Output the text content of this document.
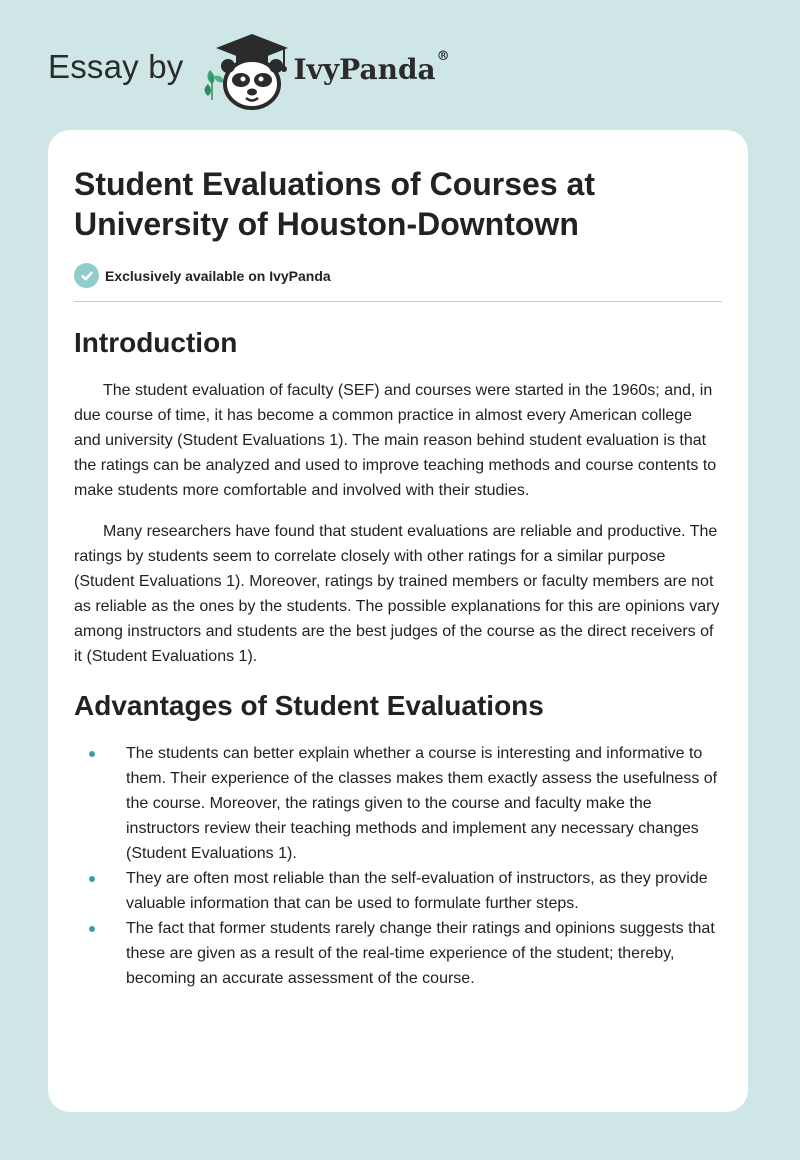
Essay by	IvyPanda®
Student Evaluations of Courses at University of Houston-Downtown
Exclusively available on IvyPanda
Introduction

The student evaluation of faculty (SEF) and courses were started in the 1960s; and, in due course of time, it has become a common practice in almost every American college and university (Student Evaluations 1). The main reason behind student evaluation is that the ratings can be analyzed and used to improve teaching methods and course contents to make students more comfortable and involved with their studies.

Many researchers have found that student evaluations are reliable and productive. The ratings by students seem to correlate closely with other ratings for a similar purpose (Student Evaluations 1). Moreover, ratings by trained members or faculty members are not as reliable as the ones by the students. The possible explanations for this are opinions vary among instructors and students are the best judges of the course as the direct receivers of it (Student Evaluations 1).

Advantages of Student Evaluations
The students can better explain whether a course is interesting and informative to them. Their experience of the classes makes them exactly assess the usefulness of the course. Moreover, the ratings given to the course and faculty make the instructors review their teaching methods and implement any necessary changes (Student Evaluations 1).
They are often most reliable than the self-evaluation of instructors, as they provide valuable information that can be used to formulate further steps.
The fact that former students rarely change their ratings and opinions suggests that these are given as a result of the real-time experience of the student; thereby, becoming an accurate assessment of the course.
